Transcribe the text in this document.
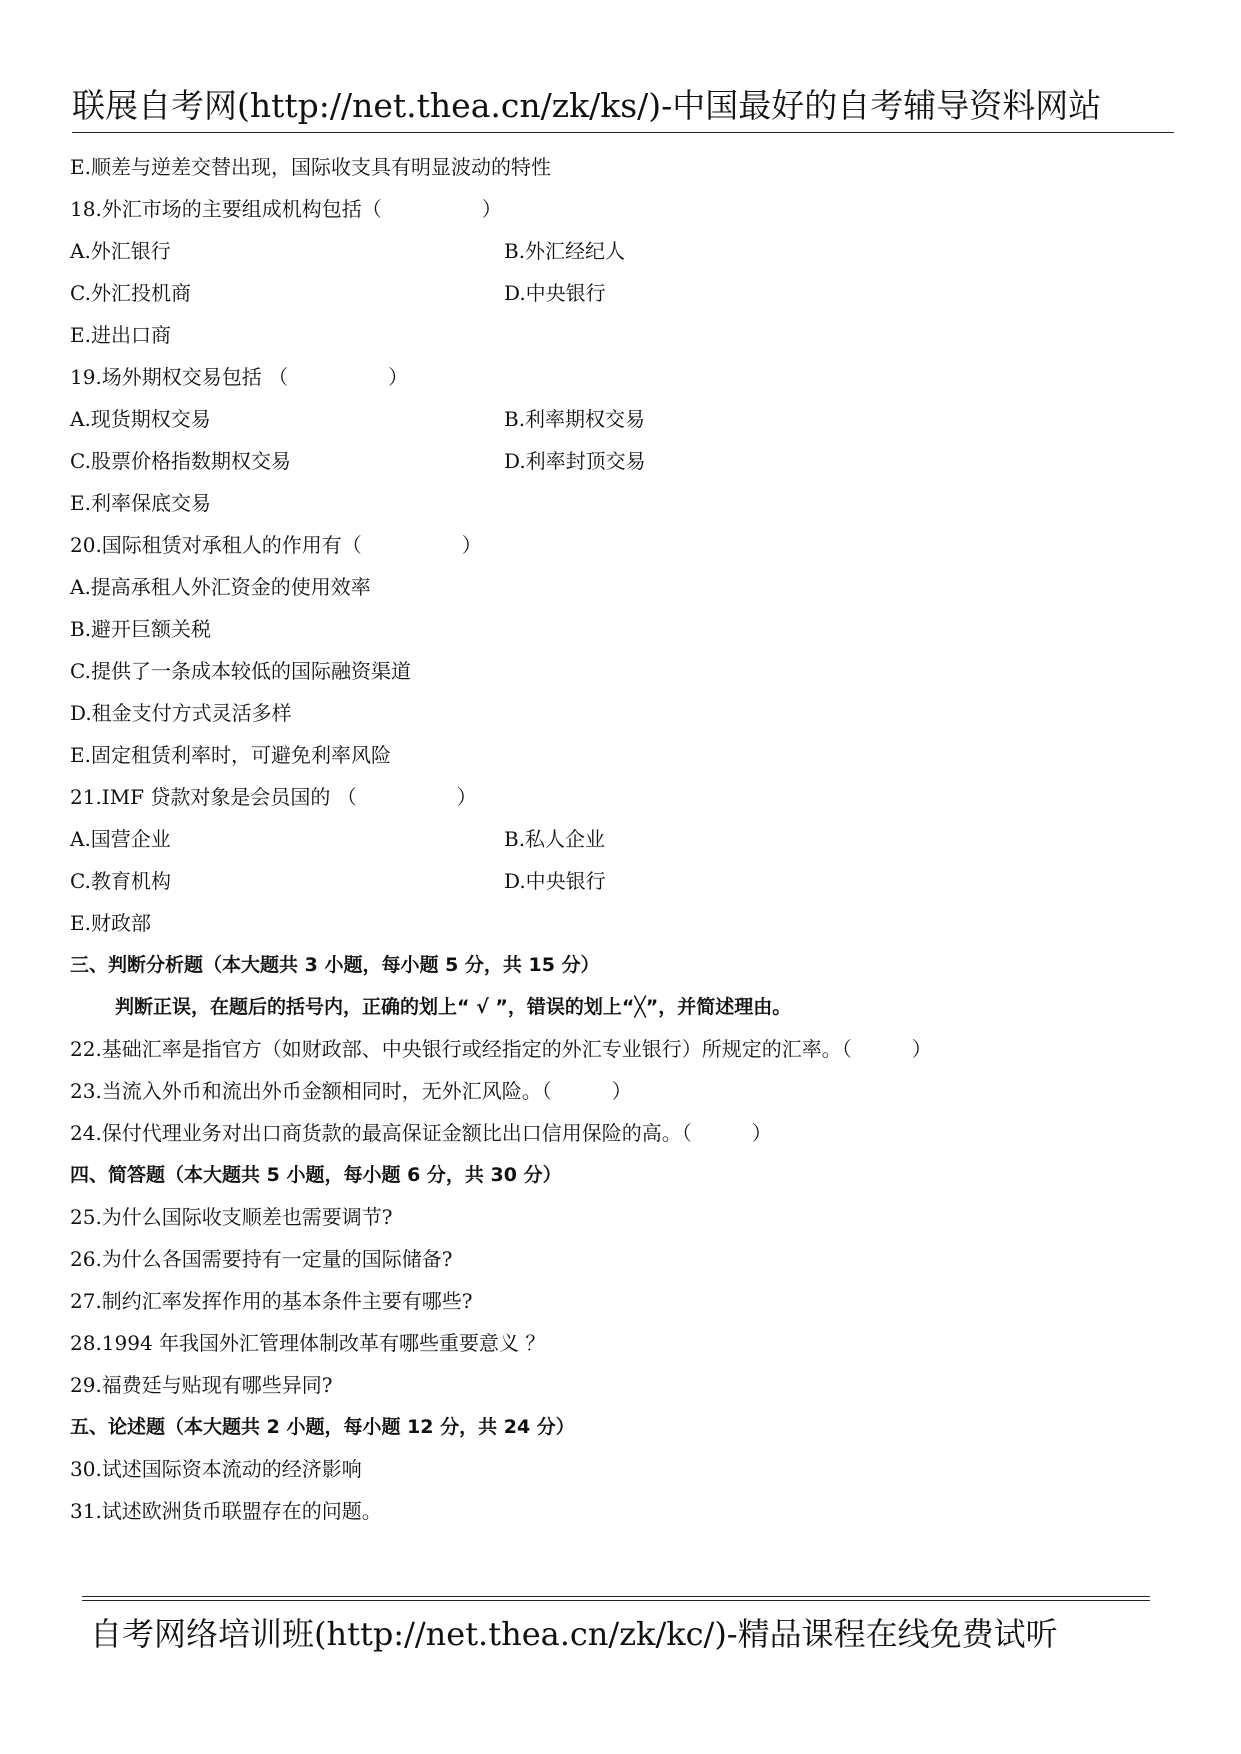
联展自考网(http://net.thea.cn/zk/ks/)-中国最好的自考辅导资料网站
E.顺差与逆差交替出现，国际收支具有明显波动的特性
18.外汇市场的主要组成机构包括（　　　　　）
A.外汇银行	B.外汇经纪人
C.外汇投机商	D.中央银行
E.进出口商
19.场外期权交易包括 （　　　　　）
A.现货期权交易	B.利率期权交易
C.股票价格指数期权交易	D.利率封顶交易
E.利率保底交易
20.国际租赁对承租人的作用有（　　　　　）
A.提高承租人外汇资金的使用效率
B.避开巨额关税
C.提供了一条成本较低的国际融资渠道
D.租金支付方式灵活多样
E.固定租赁利率时，可避免利率风险
21.IMF 贷款对象是会员国的 （　　　　　）
A.国营企业	B.私人企业
C.教育机构	D.中央银行
E.财政部
三、判断分析题（本大题共 3 小题，每小题 5 分，共 15 分）
判断正误，在题后的括号内，正确的划上“ √ ”，错误的划上“╳”，并简述理由。
22.基础汇率是指官方（如财政部、中央银行或经指定的外汇专业银行）所规定的汇率。（　　　）
23.当流入外币和流出外币金额相同时，无外汇风险。（　　　）
24.保付代理业务对出口商货款的最高保证金额比出口信用保险的高。（　　　）
四、简答题（本大题共 5 小题，每小题 6 分，共 30 分）
25.为什么国际收支顺差也需要调节?
26.为什么各国需要持有一定量的国际储备?
27.制约汇率发挥作用的基本条件主要有哪些?
28.1994 年我国外汇管理体制改革有哪些重要意义 ？
29.福费廷与贴现有哪些异同?
五、论述题（本大题共 2 小题，每小题 12 分，共 24 分）
30.试述国际资本流动的经济影响
31.试述欧洲货币联盟存在的问题。
自考网络培训班(http://net.thea.cn/zk/kc/)-精品课程在线免费试听
